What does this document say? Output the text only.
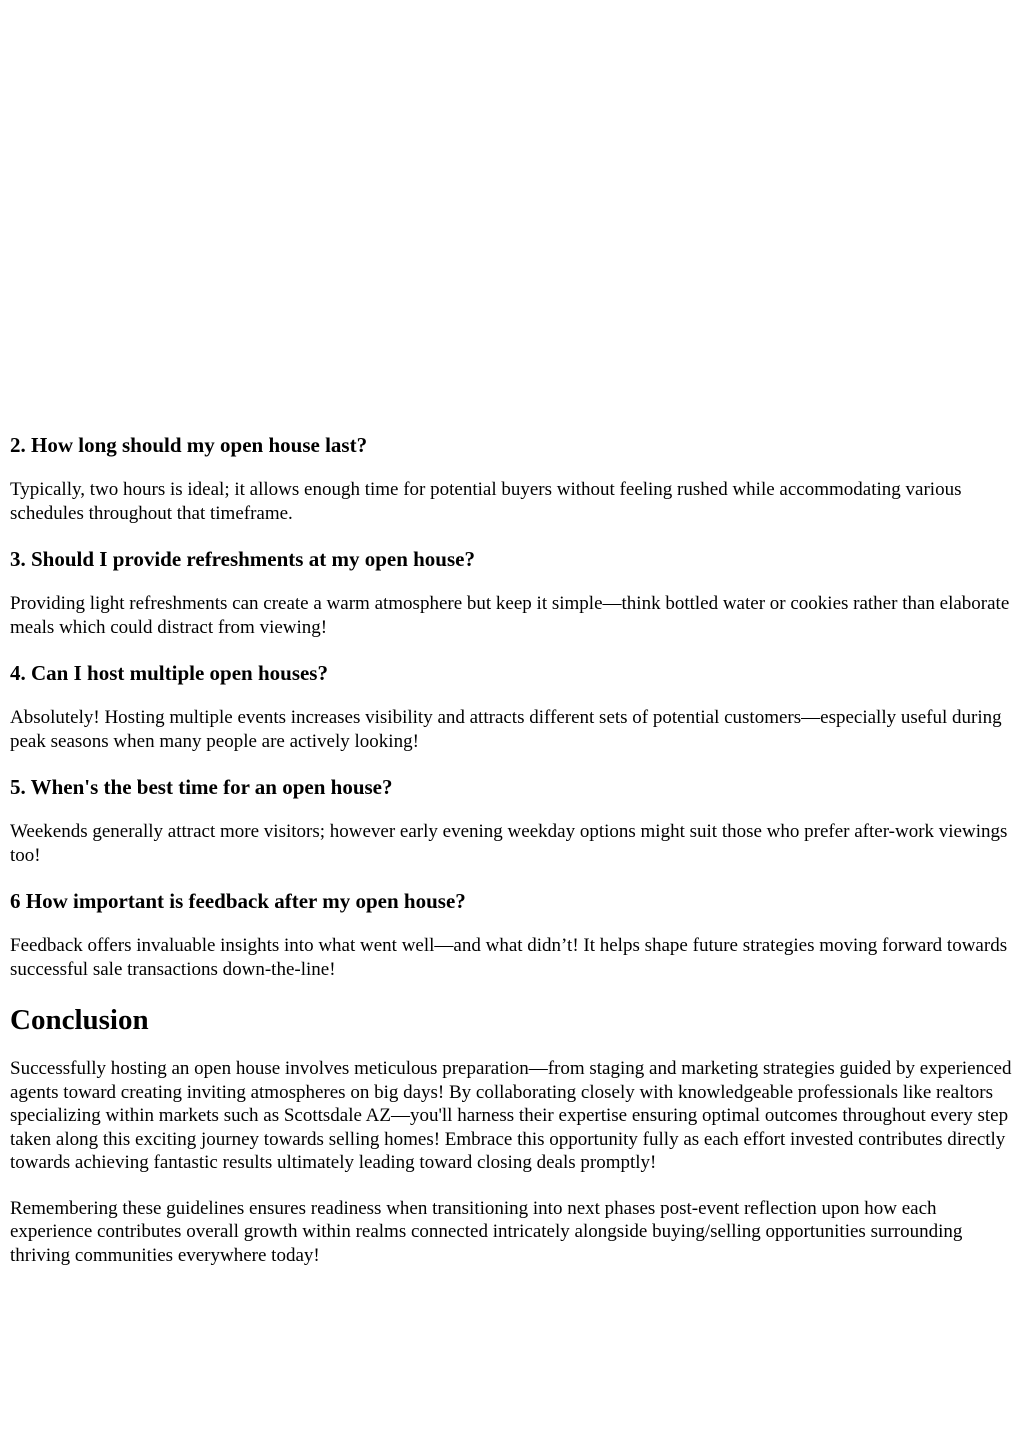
2. How long should my open house last?

Typically, two hours is ideal; it allows enough time for potential buyers without feeling rushed while accommodating various schedules throughout that timeframe.

3. Should I provide refreshments at my open house?

Providing light refreshments can create a warm atmosphere but keep it simple—think bottled water or cookies rather than elaborate meals which could distract from viewing!

4. Can I host multiple open houses?

Absolutely! Hosting multiple events increases visibility and attracts different sets of potential customers—especially useful during peak seasons when many people are actively looking!

5. When's the best time for an open house?

Weekends generally attract more visitors; however early evening weekday options might suit those who prefer after-work viewings too!

6 How important is feedback after my open house?

Feedback offers invaluable insights into what went well—and what didn’t! It helps shape future strategies moving forward towards successful sale transactions down-the-line!

Conclusion

Successfully hosting an open house involves meticulous preparation—from staging and marketing strategies guided by experienced agents toward creating inviting atmospheres on big days! By collaborating closely with knowledgeable professionals like realtors specializing within markets such as Scottsdale AZ—you'll harness their expertise ensuring optimal outcomes throughout every step taken along this exciting journey towards selling homes! Embrace this opportunity fully as each effort invested contributes directly towards achieving fantastic results ultimately leading toward closing deals promptly!

Remembering these guidelines ensures readiness when transitioning into next phases post-event reflection upon how each experience contributes overall growth within realms connected intricately alongside buying/selling opportunities surrounding thriving communities everywhere today!
